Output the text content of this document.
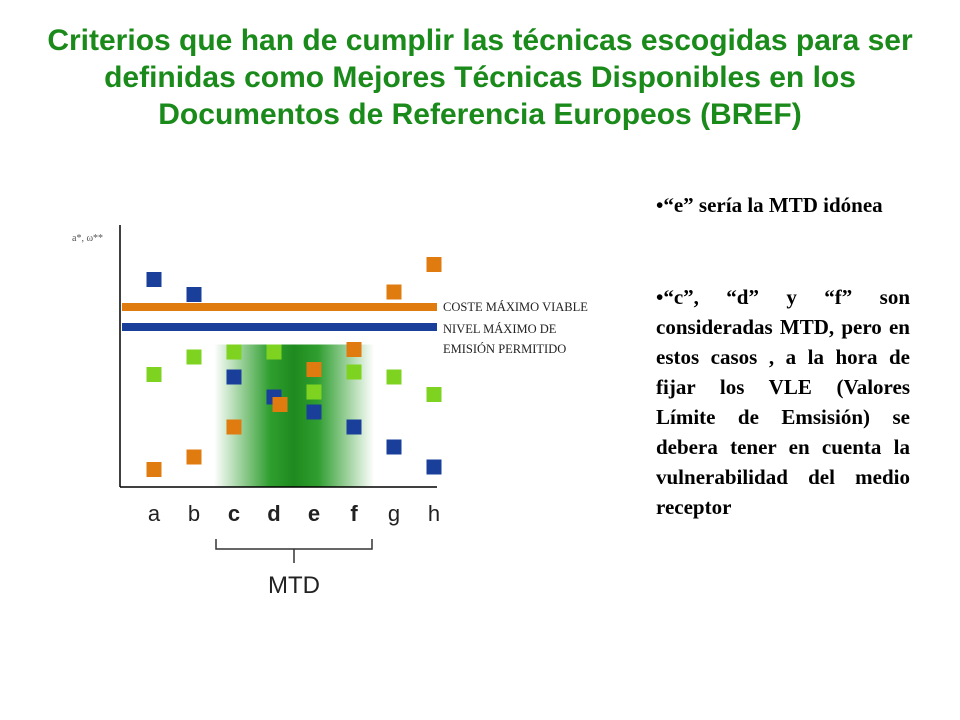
Criterios que han de cumplir las técnicas escogidas para ser definidas como Mejores Técnicas Disponibles en los Documentos de Referencia Europeos (BREF)
a*, ω**
a b c d e f g h
MTD
COSTE MÁXIMO VIABLE
NIVEL MÁXIMO DE
EMISIÓN PERMITIDO

•“e” sería la MTD idónea

•“c”, “d” y “f” son consideradas MTD, pero en estos casos , a la hora de fijar los VLE (Valores Límite de Emsisión) se debera tener en cuenta la vulnerabilidad del medio receptor
